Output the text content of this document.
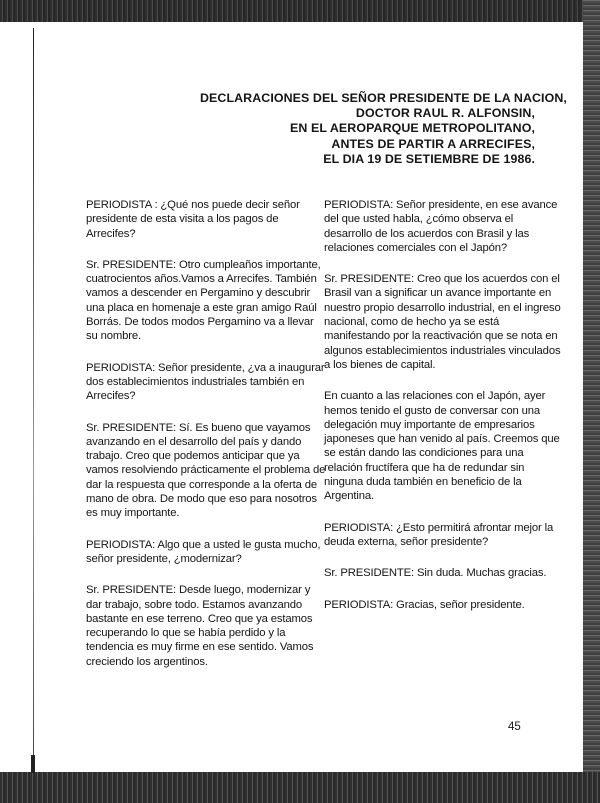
DECLARACIONES DEL SEÑOR PRESIDENTE DE LA NACION,
DOCTOR RAUL R. ALFONSIN,
EN EL AEROPARQUE METROPOLITANO,
ANTES DE PARTIR A ARRECIFES,
EL DIA 19 DE SETIEMBRE DE 1986.

PERIODISTA : ¿Qué nos puede decir señor presidente de esta visita a los pagos de Arrecifes?

Sr. PRESIDENTE: Otro cumpleaños importante, cuatrocientos años.Vamos a Arrecifes. También vamos a descender en Pergamino y descubrir una placa en homenaje a este gran amigo Raúl Borrás. De todos modos Pergamino va a llevar su nombre.

PERIODISTA: Señor presidente, ¿va a inaugurar dos establecimientos industriales también en Arrecifes?

Sr. PRESIDENTE: Sí. Es bueno que vayamos avanzando en el desarrollo del país y dando trabajo. Creo que podemos anticipar que ya vamos resolviendo prácticamente el problema de dar la respuesta que corresponde a la oferta de mano de obra. De modo que eso para nosotros es muy importante.

PERIODISTA: Algo que a usted le gusta mucho, señor presidente, ¿modernizar?

Sr. PRESIDENTE: Desde luego, modernizar y dar trabajo, sobre todo. Estamos avanzando bastante en ese terreno. Creo que ya estamos recuperando lo que se había perdido y la tendencia es muy firme en ese sentido. Vamos creciendo los argentinos.

PERIODISTA: Señor presidente, en ese avance del que usted habla, ¿cómo observa el desarrollo de los acuerdos con Brasil y las relaciones comerciales con el Japón?

Sr. PRESIDENTE: Creo que los acuerdos con el Brasil van a significar un avance importante en nuestro propio desarrollo industrial, en el ingreso nacional, como de hecho ya se está manifestando por la reactivación que se nota en algunos establecimientos industriales vinculados a los bienes de capital.

En cuanto a las relaciones con el Japón, ayer hemos tenido el gusto de conversar con una delegación muy importante de empresarios japoneses que han venido al país. Creemos que se están dando las condiciones para una relación fructífera que ha de redundar sin ninguna duda también en beneficio de la Argentina.

PERIODISTA: ¿Esto permitirá afrontar mejor la deuda externa, señor presidente?

Sr. PRESIDENTE: Sin duda. Muchas gracias.

PERIODISTA: Gracias, señor presidente.

45
